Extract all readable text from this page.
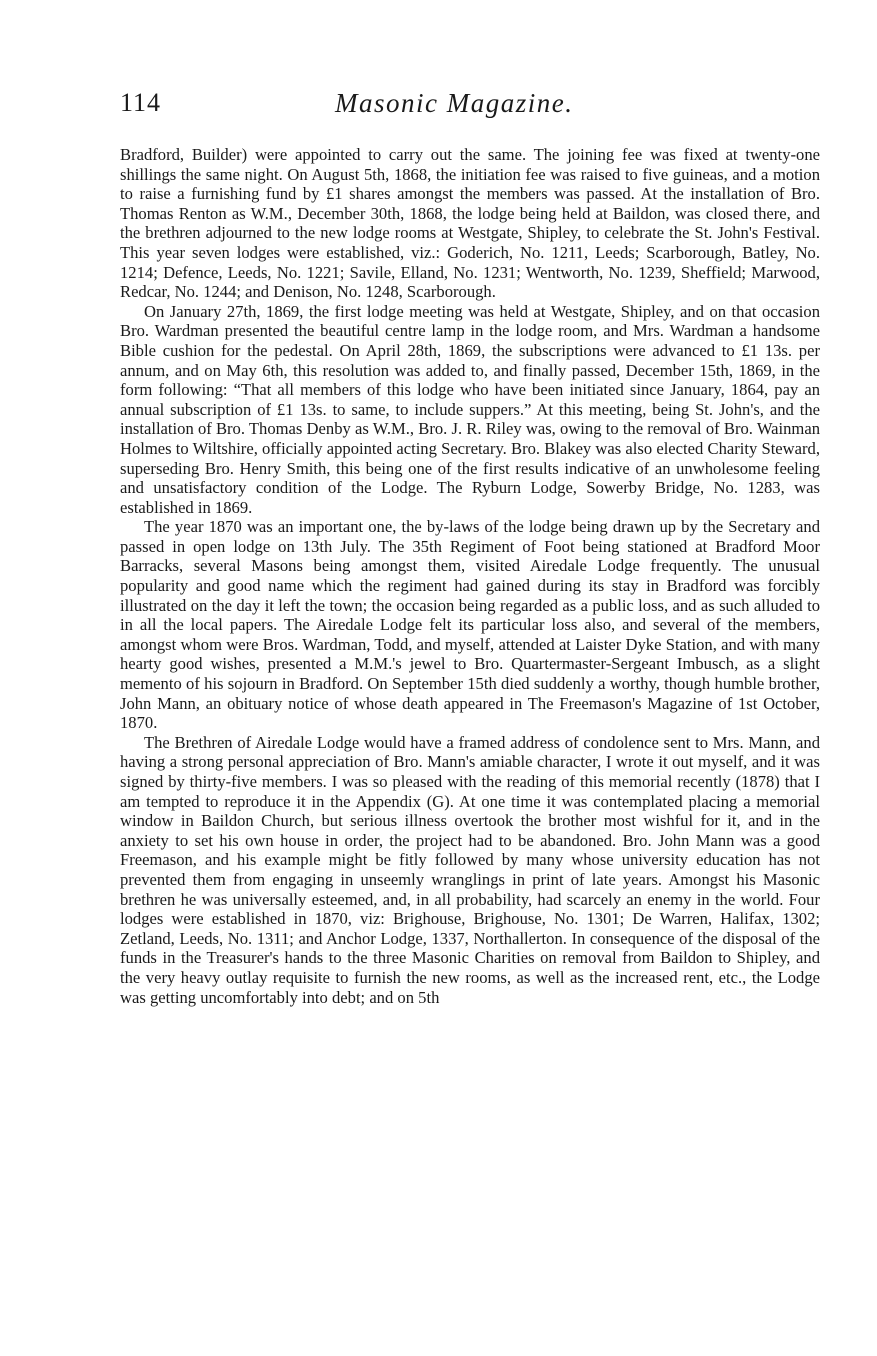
114	Masonic Magazine.

Bradford, Builder) were appointed to carry out the same. The joining fee was fixed at twenty-one shillings the same night. On August 5th, 1868, the initiation fee was raised to five guineas, and a motion to raise a furnishing fund by £1 shares amongst the members was passed. At the installation of Bro. Thomas Renton as W.M., December 30th, 1868, the lodge being held at Baildon, was closed there, and the brethren adjourned to the new lodge rooms at Westgate, Shipley, to celebrate the St. John's Festival. This year seven lodges were established, viz.: Goderich, No. 1211, Leeds; Scarborough, Batley, No. 1214; Defence, Leeds, No. 1221; Savile, Elland, No. 1231; Wentworth, No. 1239, Sheffield; Marwood, Redcar, No. 1244; and Denison, No. 1248, Scarborough.

On January 27th, 1869, the first lodge meeting was held at Westgate, Shipley, and on that occasion Bro. Wardman presented the beautiful centre lamp in the lodge room, and Mrs. Wardman a handsome Bible cushion for the pedestal. On April 28th, 1869, the subscriptions were advanced to £1 13s. per annum, and on May 6th, this resolution was added to, and finally passed, December 15th, 1869, in the form following: “That all members of this lodge who have been initiated since January, 1864, pay an annual subscription of £1 13s. to same, to include suppers.” At this meeting, being St. John's, and the installation of Bro. Thomas Denby as W.M., Bro. J. R. Riley was, owing to the removal of Bro. Wainman Holmes to Wiltshire, officially appointed acting Secretary. Bro. Blakey was also elected Charity Steward, superseding Bro. Henry Smith, this being one of the first results indicative of an unwholesome feeling and unsatisfactory condition of the Lodge. The Ryburn Lodge, Sowerby Bridge, No. 1283, was established in 1869.

The year 1870 was an important one, the by-laws of the lodge being drawn up by the Secretary and passed in open lodge on 13th July. The 35th Regiment of Foot being stationed at Bradford Moor Barracks, several Masons being amongst them, visited Airedale Lodge frequently. The unusual popularity and good name which the regiment had gained during its stay in Bradford was forcibly illustrated on the day it left the town; the occasion being regarded as a public loss, and as such alluded to in all the local papers. The Airedale Lodge felt its particular loss also, and several of the members, amongst whom were Bros. Wardman, Todd, and myself, attended at Laister Dyke Station, and with many hearty good wishes, presented a M.M.'s jewel to Bro. Quartermaster-Sergeant Imbusch, as a slight memento of his sojourn in Bradford. On September 15th died suddenly a worthy, though humble brother, John Mann, an obituary notice of whose death appeared in The Freemason's Magazine of 1st October, 1870.

The Brethren of Airedale Lodge would have a framed address of condolence sent to Mrs. Mann, and having a strong personal appreciation of Bro. Mann's amiable character, I wrote it out myself, and it was signed by thirty-five members. I was so pleased with the reading of this memorial recently (1878) that I am tempted to reproduce it in the Appendix (G). At one time it was contemplated placing a memorial window in Baildon Church, but serious illness overtook the brother most wishful for it, and in the anxiety to set his own house in order, the project had to be abandoned. Bro. John Mann was a good Freemason, and his example might be fitly followed by many whose university education has not prevented them from engaging in unseemly wranglings in print of late years. Amongst his Masonic brethren he was universally esteemed, and, in all probability, had scarcely an enemy in the world. Four lodges were established in 1870, viz: Brighouse, Brighouse, No. 1301; De Warren, Halifax, 1302; Zetland, Leeds, No. 1311; and Anchor Lodge, 1337, Northallerton. In consequence of the disposal of the funds in the Treasurer's hands to the three Masonic Charities on removal from Baildon to Shipley, and the very heavy outlay requisite to furnish the new rooms, as well as the increased rent, etc., the Lodge was getting uncomfortably into debt; and on 5th
